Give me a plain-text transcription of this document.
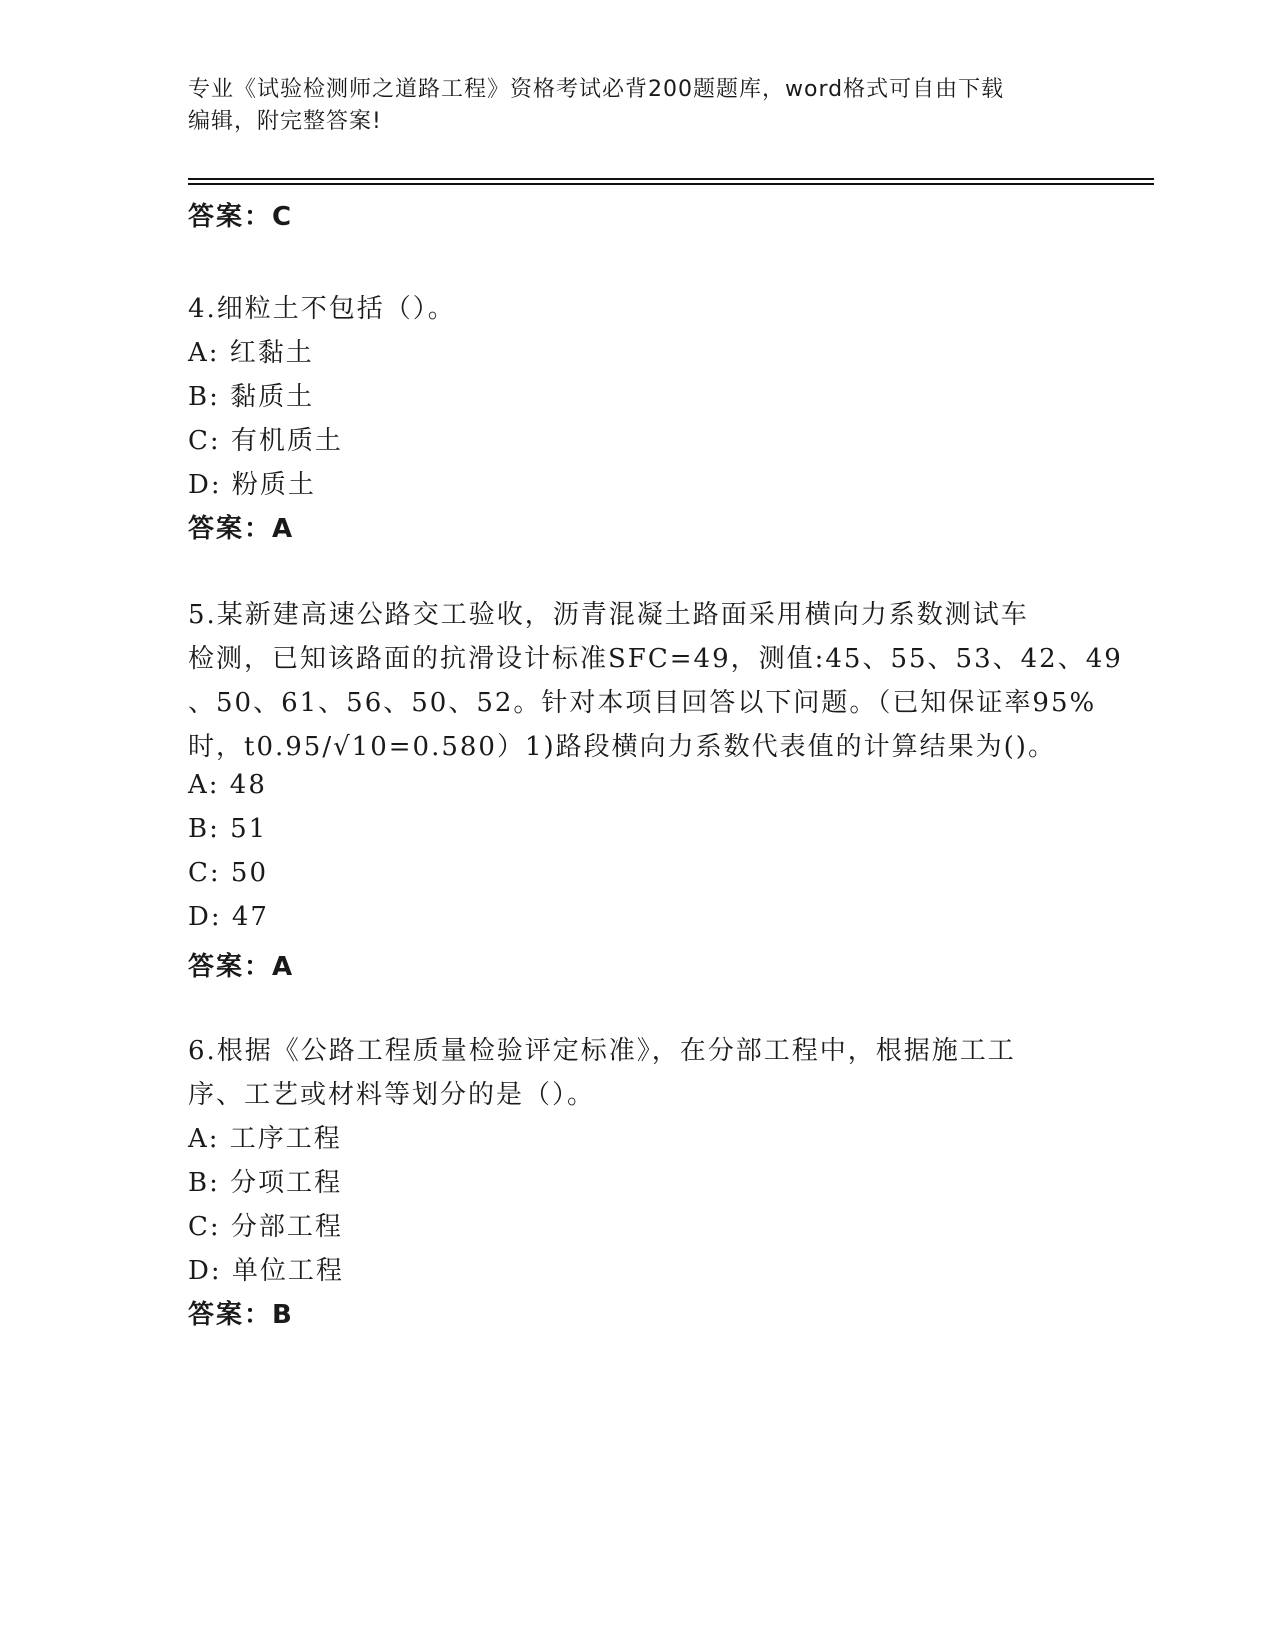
专业《试验检测师之道路工程》资格考试必背200题题库，word格式可自由下载
编辑，附完整答案!
答案：C
4.细粒土不包括（）。
A: 红黏土
B: 黏质土
C: 有机质土
D: 粉质土
答案：A
5.某新建高速公路交工验收，沥青混凝土路面采用横向力系数测试车
检测，已知该路面的抗滑设计标准SFC=49，测值:45、55、53、42、49
、50、61、56、50、52。针对本项目回答以下问题。（已知保证率95%
时，t0.95/√10=0.580）1)路段横向力系数代表值的计算结果为()。
A: 48
B: 51
C: 50
D: 47
答案：A
6.根据《公路工程质量检验评定标准》，在分部工程中，根据施工工
序、工艺或材料等划分的是（）。
A: 工序工程
B: 分项工程
C: 分部工程
D: 单位工程
答案：B
